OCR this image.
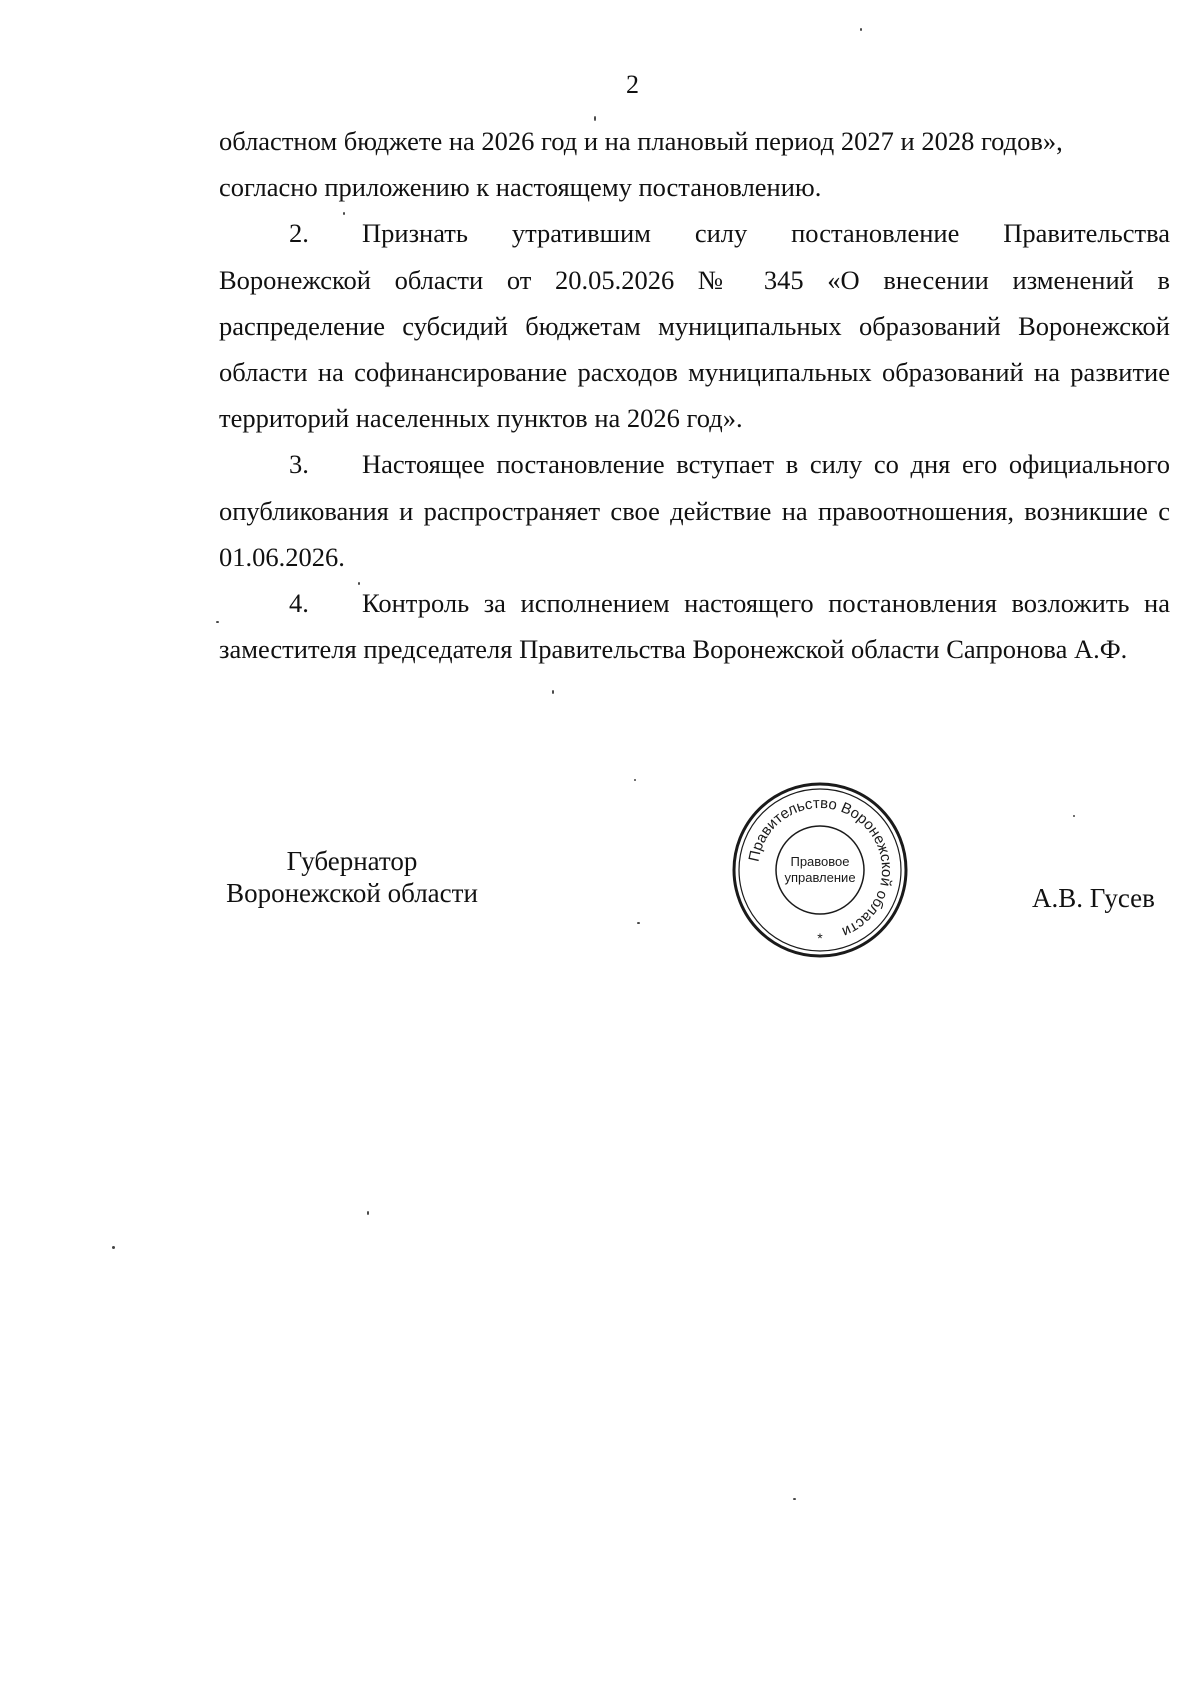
2

областном бюджете на 2026 год и на плановый период 2027 и 2028 годов»,
согласно приложению к настоящему постановлению.

2. Признать утратившим силу постановление Правительства Воронежской области от 20.05.2026 № 345 «О внесении изменений в распределение субсидий бюджетам муниципальных образований Воронежской области на софинансирование расходов муниципальных образований на развитие территорий населенных пунктов на 2026 год».

3. Настоящее постановление вступает в силу со дня его официального опубликования и распространяет свое действие на правоотношения, возникшие с 01.06.2026.

4. Контроль за исполнением настоящего постановления возложить на заместителя председателя Правительства Воронежской области Сапронова А.Ф.

Губернатор
Воронежской области
Правительство Воронежской области
Правовое
управление
*
А.В. Гусев
